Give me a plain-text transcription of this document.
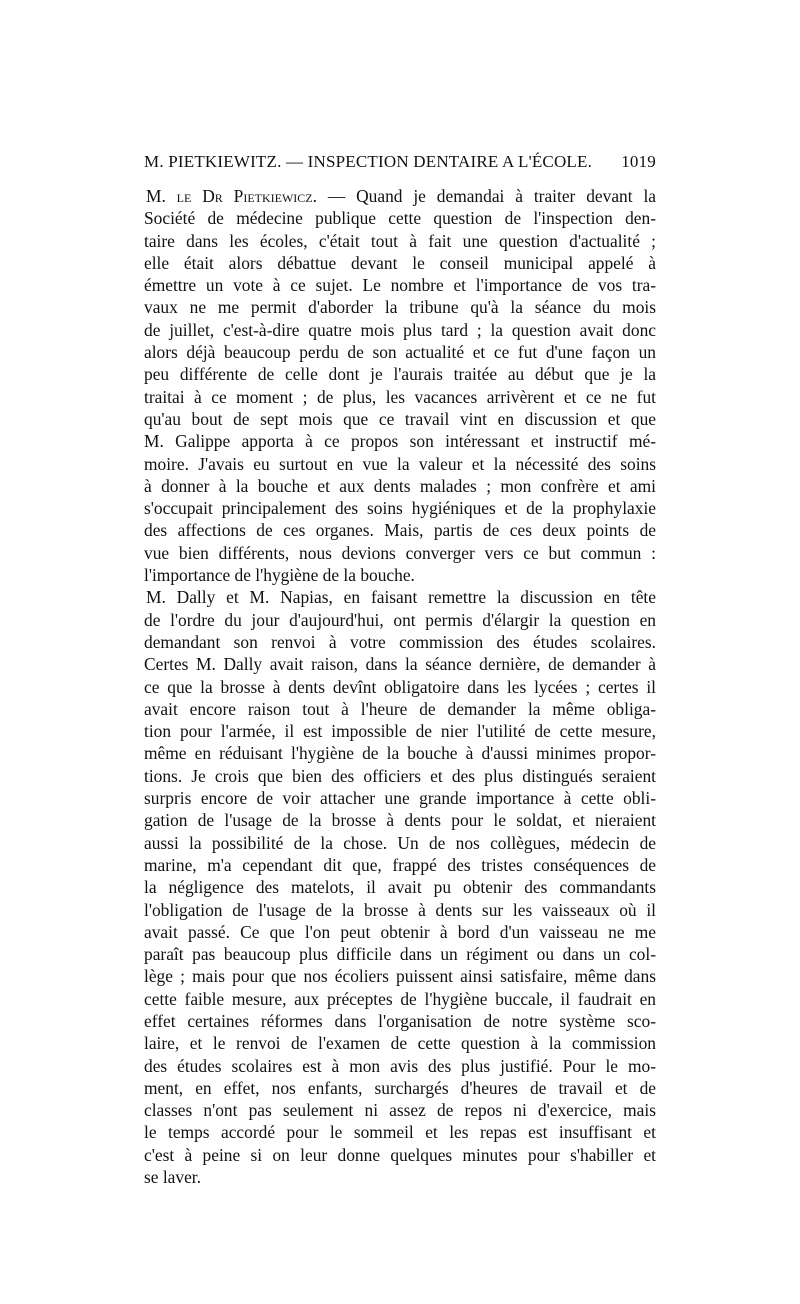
M. PIETKIEWITZ. — INSPECTION DENTAIRE A L'ÉCOLE. 1019
M. le Dr Pietkiewicz. — Quand je demandai à traiter devant la
Société de médecine publique cette question de l'inspection den-
taire dans les écoles, c'était tout à fait une question d'actualité ;
elle était alors débattue devant le conseil municipal appelé à
émettre un vote à ce sujet. Le nombre et l'importance de vos tra-
vaux ne me permit d'aborder la tribune qu'à la séance du mois
de juillet, c'est-à-dire quatre mois plus tard ; la question avait donc
alors déjà beaucoup perdu de son actualité et ce fut d'une façon un
peu différente de celle dont je l'aurais traitée au début que je la
traitai à ce moment ; de plus, les vacances arrivèrent et ce ne fut
qu'au bout de sept mois que ce travail vint en discussion et que
M. Galippe apporta à ce propos son intéressant et instructif mé-
moire. J'avais eu surtout en vue la valeur et la nécessité des soins
à donner à la bouche et aux dents malades ; mon confrère et ami
s'occupait principalement des soins hygiéniques et de la prophylaxie
des affections de ces organes. Mais, partis de ces deux points de
vue bien différents, nous devions converger vers ce but commun :
l'importance de l'hygiène de la bouche.
M. Dally et M. Napias, en faisant remettre la discussion en tête
de l'ordre du jour d'aujourd'hui, ont permis d'élargir la question en
demandant son renvoi à votre commission des études scolaires.
Certes M. Dally avait raison, dans la séance dernière, de demander à
ce que la brosse à dents devînt obligatoire dans les lycées ; certes il
avait encore raison tout à l'heure de demander la même obliga-
tion pour l'armée, il est impossible de nier l'utilité de cette mesure,
même en réduisant l'hygiène de la bouche à d'aussi minimes propor-
tions. Je crois que bien des officiers et des plus distingués seraient
surpris encore de voir attacher une grande importance à cette obli-
gation de l'usage de la brosse à dents pour le soldat, et nieraient
aussi la possibilité de la chose. Un de nos collègues, médecin de
marine, m'a cependant dit que, frappé des tristes conséquences de
la négligence des matelots, il avait pu obtenir des commandants
l'obligation de l'usage de la brosse à dents sur les vaisseaux où il
avait passé. Ce que l'on peut obtenir à bord d'un vaisseau ne me
paraît pas beaucoup plus difficile dans un régiment ou dans un col-
lège ; mais pour que nos écoliers puissent ainsi satisfaire, même dans
cette faible mesure, aux préceptes de l'hygiène buccale, il faudrait en
effet certaines réformes dans l'organisation de notre système sco-
laire, et le renvoi de l'examen de cette question à la commission
des études scolaires est à mon avis des plus justifié. Pour le mo-
ment, en effet, nos enfants, surchargés d'heures de travail et de
classes n'ont pas seulement ni assez de repos ni d'exercice, mais
le temps accordé pour le sommeil et les repas est insuffisant et
c'est à peine si on leur donne quelques minutes pour s'habiller et
se laver.
